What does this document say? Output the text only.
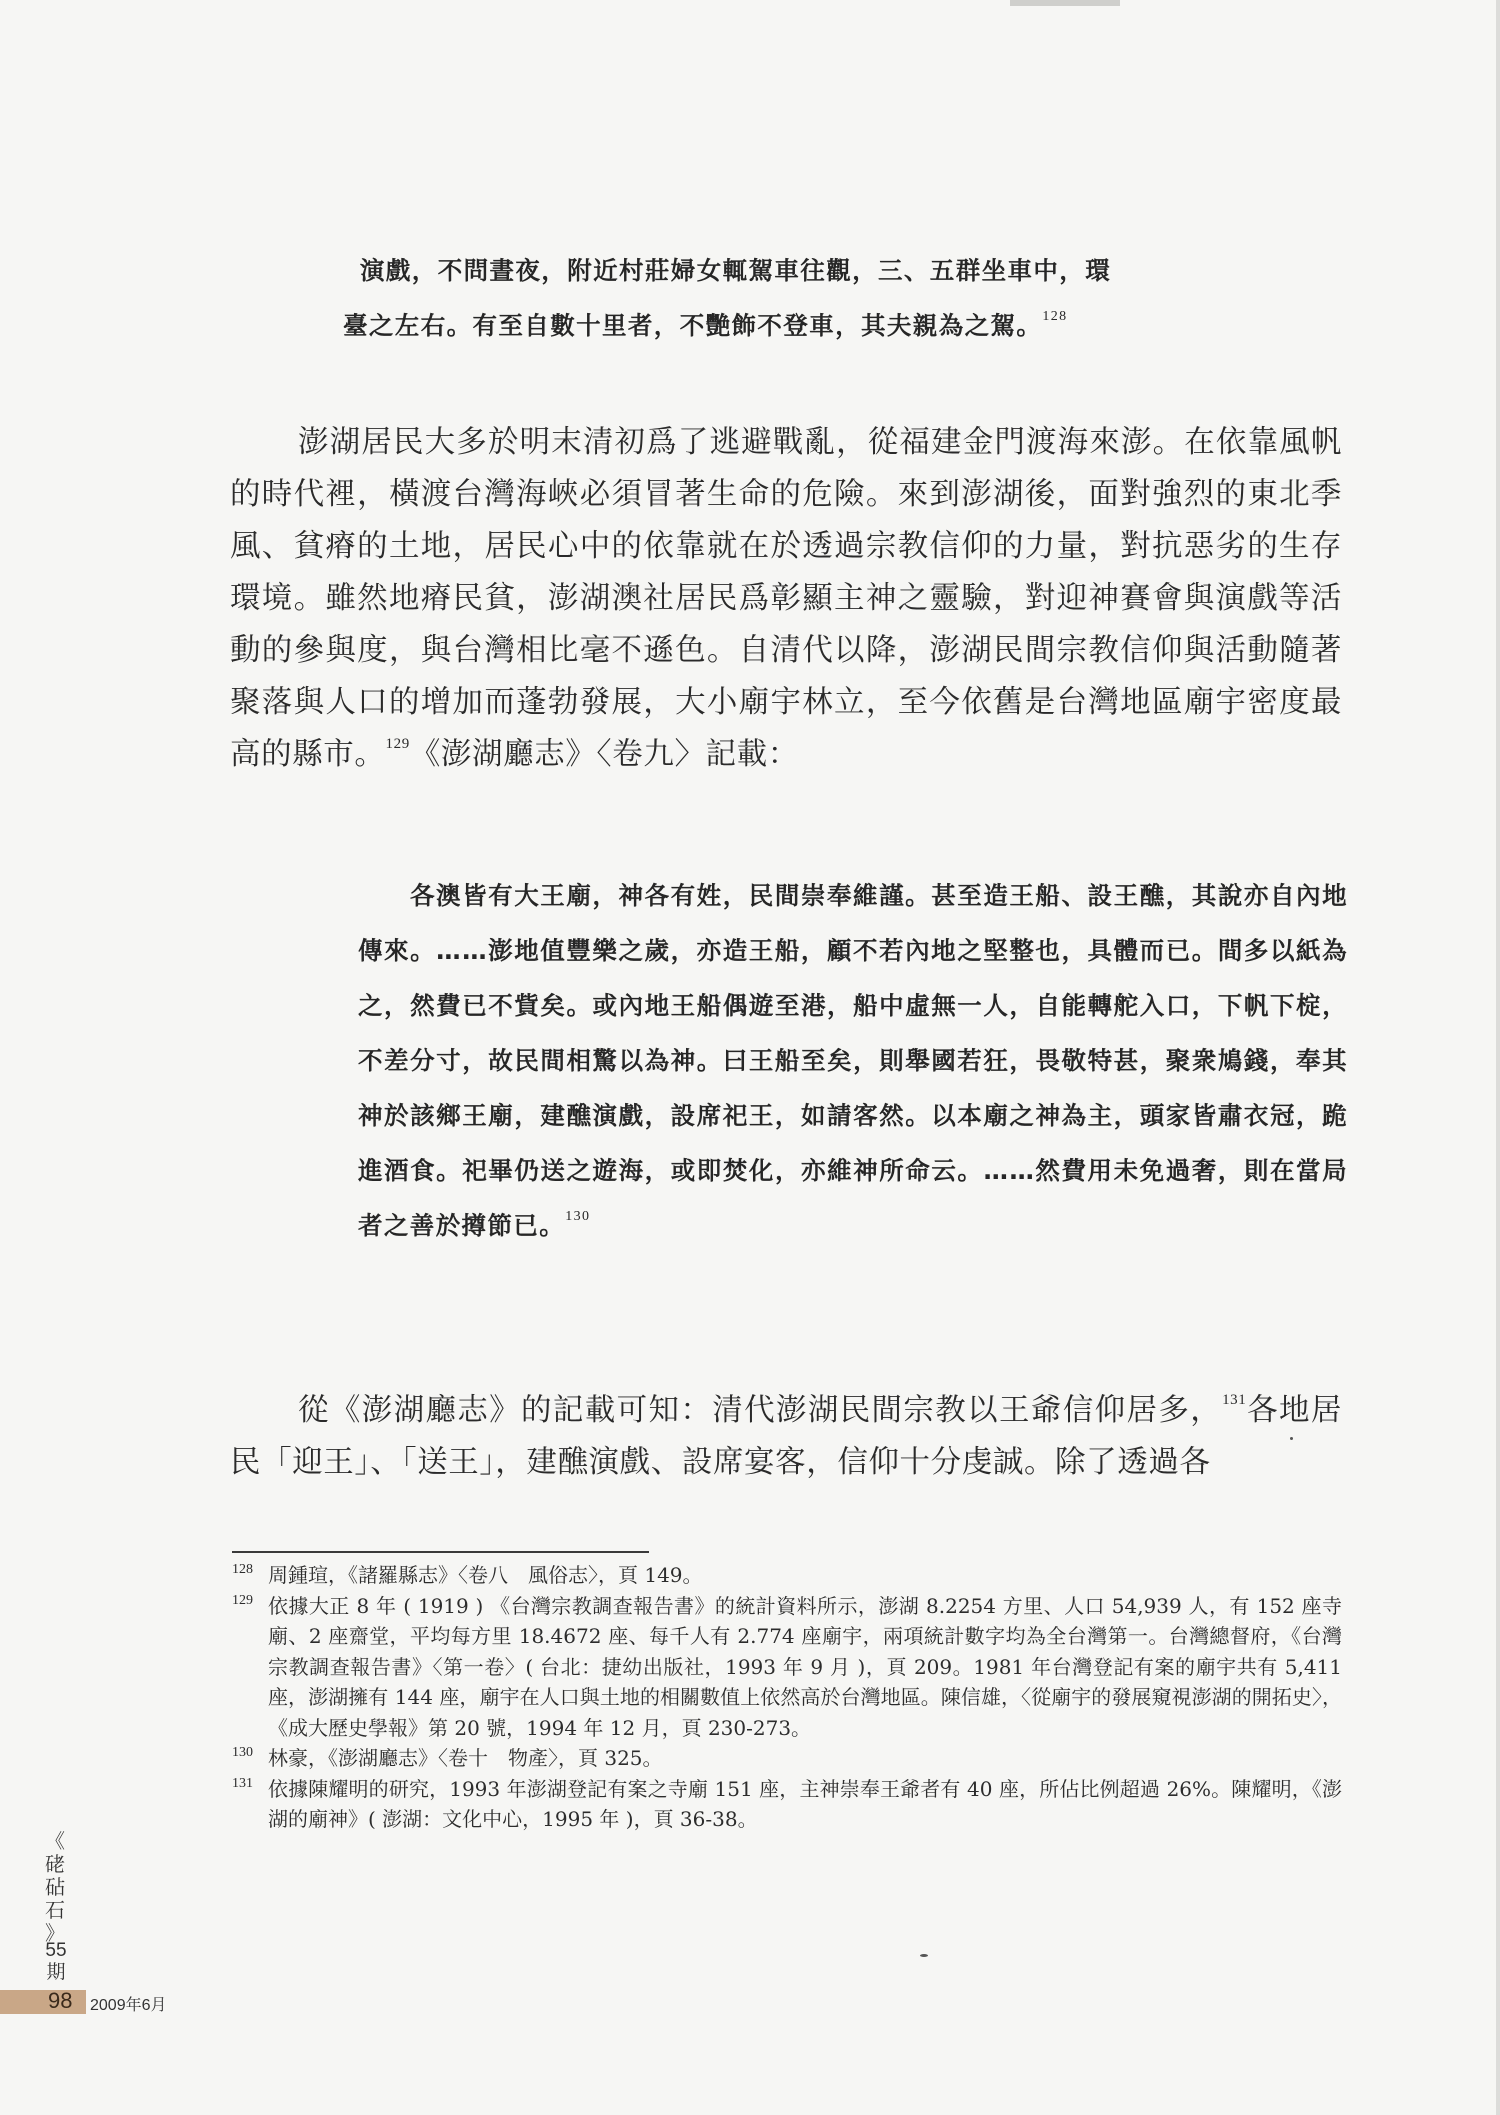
演戲，不問晝夜，附近村莊婦女輒駕車往觀，三、五群坐車中，環

臺之左右。有至自數十里者，不艷飾不登車，其夫親為之駕。$^{128}$

澎湖居民大多於明末清初爲了逃避戰亂，從福建金門渡海來澎。在依靠風帆的時代裡，橫渡台灣海峽必須冒著生命的危險。來到澎湖後，面對強烈的東北季風、貧瘠的土地，居民心中的依靠就在於透過宗教信仰的力量，對抗惡劣的生存環境。雖然地瘠民貧，澎湖澳社居民爲彰顯主神之靈驗，對迎神賽會與演戲等活動的參與度，與台灣相比毫不遜色。自清代以降，澎湖民間宗教信仰與活動隨著聚落與人口的增加而蓬勃發展，大小廟宇林立，至今依舊是台灣地區廟宇密度最高的縣市。$^{129}$《澎湖廳志》〈卷九〉記載：

各澳皆有大王廟，神各有姓，民間崇奉維謹。甚至造王船、設王醮，其說亦自內地傳來。……澎地值豐樂之歲，亦造王船，顧不若內地之堅整也，具體而已。間多以紙為之，然費已不貲矣。或內地王船偶遊至港，船中虛無一人，自能轉舵入口，下帆下椗，不差分寸，故民間相驚以為神。曰王船至矣，則舉國若狂，畏敬特甚，聚衆鳩錢，奉其神於該鄉王廟，建醮演戲，設席祀王，如請客然。以本廟之神為主，頭家皆肅衣冠，跪進酒食。祀畢仍送之遊海，或即焚化，亦維神所命云。……然費用未免過奢，則在當局者之善於撙節已。$^{130}$

從《澎湖廳志》的記載可知：清代澎湖民間宗教以王爺信仰居多，$^{131}$各地居民「迎王」、「送王」，建醮演戲、設席宴客，信仰十分虔誠。除了透過各

128 周鍾瑄，《諸羅縣志》〈卷八　風俗志〉，頁 149。

129 依據大正 8 年 ( 1919 ) 《台灣宗教調查報告書》的統計資料所示，澎湖 8.2254 方里、人口 54,939 人，有 152 座寺廟、2 座齋堂，平均每方里 18.4672 座、每千人有 2.774 座廟宇，兩項統計數字均為全台灣第一。台灣總督府，《台灣宗教調查報告書》〈第一卷〉( 台北：捷幼出版社，1993 年 9 月 )，頁 209。1981 年台灣登記有案的廟宇共有 5,411 座，澎湖擁有 144 座，廟宇在人口與土地的相關數值上依然高於台灣地區。陳信雄，〈從廟宇的發展窺視澎湖的開拓史〉，《成大歷史學報》第 20 號，1994 年 12 月，頁 230-273。

130 林豪，《澎湖廳志》〈卷十　物產〉，頁 325。

131 依據陳耀明的研究，1993 年澎湖登記有案之寺廟 151 座，主神崇奉王爺者有 40 座，所佔比例超過 26%。陳耀明，《澎湖的廟神》( 澎湖：文化中心，1995 年 )，頁 36-38。

《
硓
砧
石
》
55
期
98 2009年6月
